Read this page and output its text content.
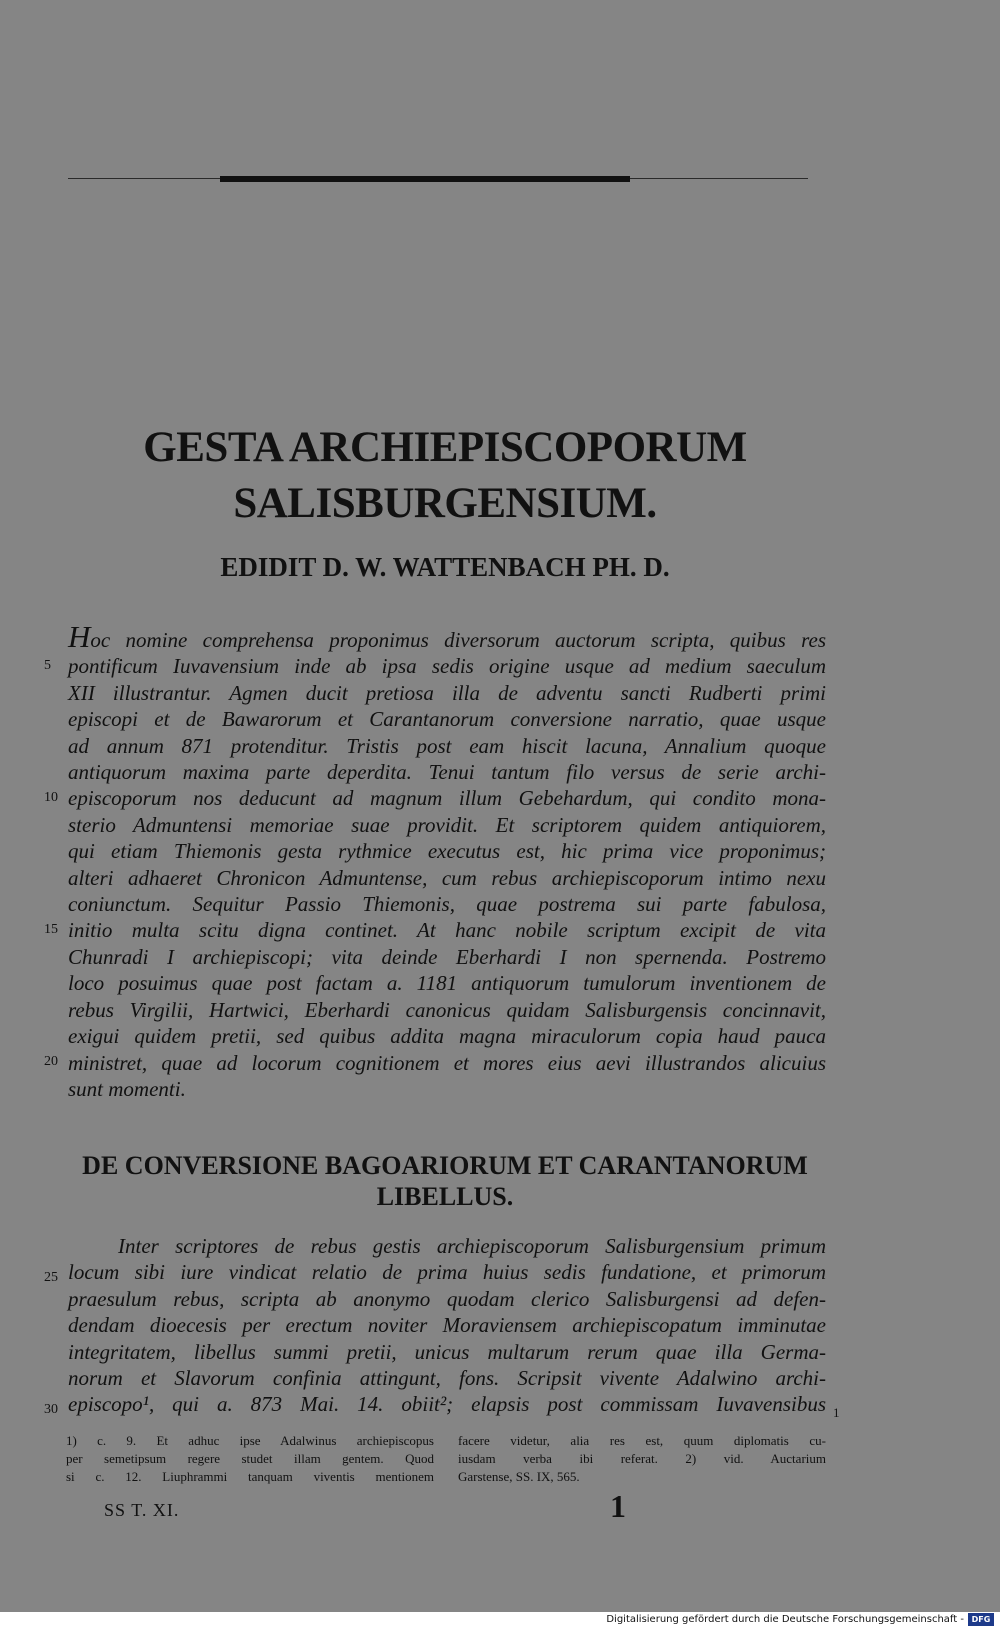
GESTA ARCHIEPISCOPORUM
SALISBURGENSIUM.
EDIDIT D. W. WATTENBACH PH. D.
Hoc nomine comprehensa proponimus diversorum auctorum scripta, quibus res
pontificum Iuvavensium inde ab ipsa sedis origine usque ad medium saeculum
XII illustrantur. Agmen ducit pretiosa illa de adventu sancti Rudberti primi
episcopi et de Bawarorum et Carantanorum conversione narratio, quae usque
ad annum 871 protenditur. Tristis post eam hiscit lacuna, Annalium quoque
antiquorum maxima parte deperdita. Tenui tantum filo versus de serie archi-
episcoporum nos deducunt ad magnum illum Gebehardum, qui condito mona-
sterio Admuntensi memoriae suae providit. Et scriptorem quidem antiquiorem,
qui etiam Thiemonis gesta rythmice executus est, hic prima vice proponimus;
alteri adhaeret Chronicon Admuntense, cum rebus archiepiscoporum intimo nexu
coniunctum. Sequitur Passio Thiemonis, quae postrema sui parte fabulosa,
initio multa scitu digna continet. At hanc nobile scriptum excipit de vita
Chunradi I archiepiscopi; vita deinde Eberhardi I non spernenda. Postremo
loco posuimus quae post factam a. 1181 antiquorum tumulorum inventionem de
rebus Virgilii, Hartwici, Eberhardi canonicus quidam Salisburgensis concinnavit,
exigui quidem pretii, sed quibus addita magna miraculorum copia haud pauca
ministret, quae ad locorum cognitionem et mores eius aevi illustrandos alicuius
sunt momenti.
5
10
15
20
25
30
DE CONVERSIONE BAGOARIORUM ET CARANTANORUM
LIBELLUS.
Inter scriptores de rebus gestis archiepiscoporum Salisburgensium primum
locum sibi iure vindicat relatio de prima huius sedis fundatione, et primorum
praesulum rebus, scripta ab anonymo quodam clerico Salisburgensi ad defen-
dendam dioecesis per erectum noviter Moraviensem archiepiscopatum imminutae
integritatem, libellus summi pretii, unicus multarum rerum quae illa Germa-
norum et Slavorum confinia attingunt, fons. Scripsit vivente Adalwino archi-
episcopo¹, qui a. 873 Mai. 14. obiit²; elapsis post commissam Iuvavensibus 1
1) c. 9. Et adhuc ipse Adalwinus archiepiscopus
per semetipsum regere studet illam gentem. Quod
si c. 12. Liuphrammi tanquam viventis mentionem
facere videtur, alia res est, quum diplomatis cu-
iusdam verba ibi referat. 2) vid. Auctarium
Garstense, SS. IX, 565.
SS T. XI.	1
Digitalisierung gefördert durch die Deutsche Forschungsgemeinschaft - DFG
